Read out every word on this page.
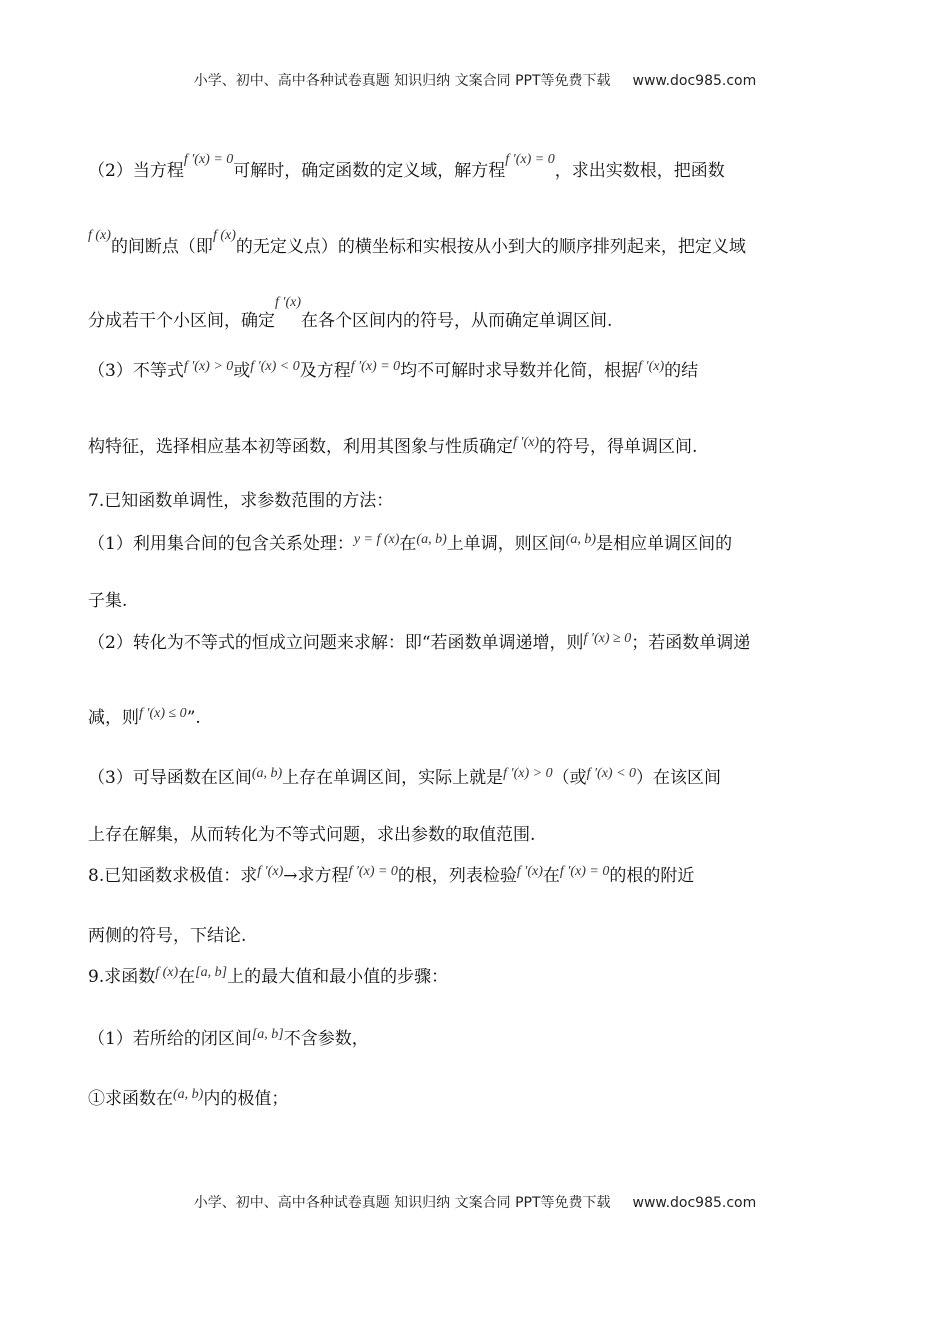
小学、初中、高中各种试卷真题 知识归纳 文案合同 PPT等免费下载 www.doc985.com
（2）当方程f ′(x) = 0可解时，确定函数的定义域，解方程f ′(x) = 0，求出实数根，把函数
f (x)的间断点（即f (x)的无定义点）的横坐标和实根按从小到大的顺序排列起来，把定义域
分成若干个小区间，确定f ′(x)在各个区间内的符号，从而确定单调区间.
（3）不等式f ′(x) > 0或f ′(x) < 0及方程f ′(x) = 0均不可解时求导数并化简，根据f ′(x)的结
构特征，选择相应基本初等函数，利用其图象与性质确定f ′(x)的符号，得单调区间.
7.已知函数单调性，求参数范围的方法：
（1）利用集合间的包含关系处理：y = f (x)在(a, b)上单调，则区间(a, b)是相应单调区间的
子集.
（2）转化为不等式的恒成立问题来求解：即“若函数单调递增，则f ′(x) ≥ 0；若函数单调递
减，则f ′(x) ≤ 0”.
（3）可导函数在区间(a, b)上存在单调区间，实际上就是f ′(x) > 0（或f ′(x) < 0）在该区间
上存在解集，从而转化为不等式问题，求出参数的取值范围.
8.已知函数求极值：求f ′(x)→求方程f ′(x) = 0的根，列表检验f ′(x)在f ′(x) = 0的根的附近
两侧的符号，下结论.
9.求函数f (x)在[a, b]上的最大值和最小值的步骤：
（1）若所给的闭区间[a, b]不含参数，
①求函数在(a, b)内的极值；
小学、初中、高中各种试卷真题 知识归纳 文案合同 PPT等免费下载 www.doc985.com
